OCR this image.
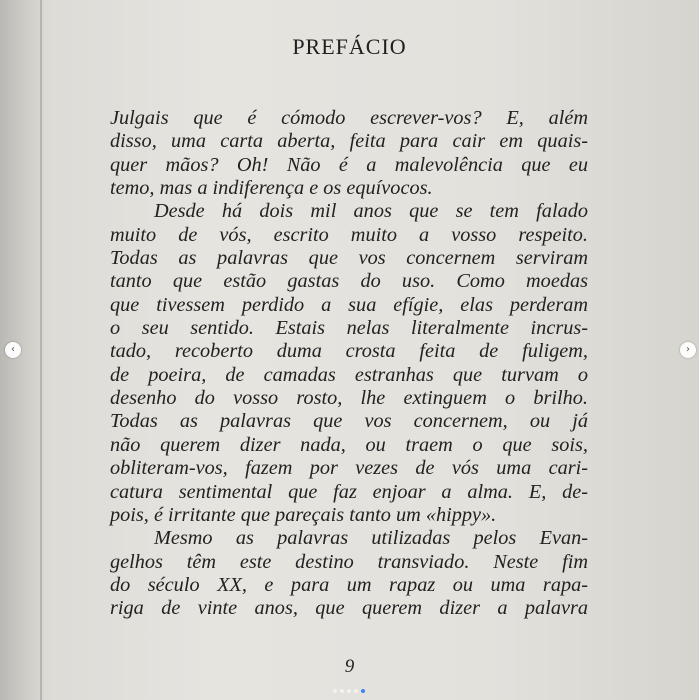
PREFÁCIO

Julgais que é cómodo escrever-vos? E, além
disso, uma carta aberta, feita para cair em quais-
quer mãos? Oh! Não é a malevolência que eu

temo, mas a indiferença e os equívocos.

Desde há dois mil anos que se tem falado

muito de vós, escrito muito a vosso respeito.
Todas as palavras que vos concernem serviram
tanto que estão gastas do uso. Como moedas
que tivessem perdido a sua efígie, elas perderam
o seu sentido. Estais nelas literalmente incrus-
tado, recoberto duma crosta feita de fuligem,
de poeira, de camadas estranhas que turvam o
desenho do vosso rosto, lhe extinguem o brilho.
Todas as palavras que vos concernem, ou já
não querem dizer nada, ou traem o que sois,
obliteram-vos, fazem por vezes de vós uma cari-
catura sentimental que faz enjoar a alma. E, de-

pois, é irritante que pareçais tanto um «hippy».

Mesmo as palavras utilizadas pelos Evan-

gelhos têm este destino transviado. Neste fim
do século XX, e para um rapaz ou uma rapa-
riga de vinte anos, que querem dizer a palavra

9
‹	›
